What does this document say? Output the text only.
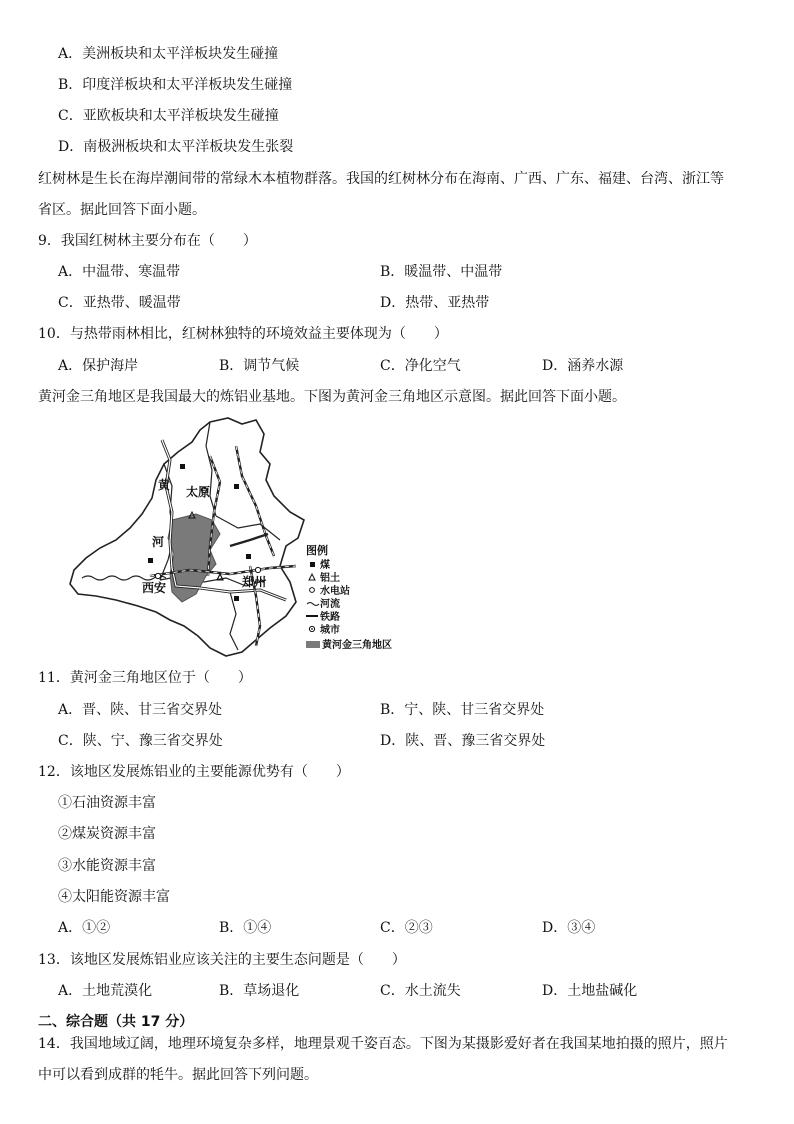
A．美洲板块和太平洋板块发生碰撞
B．印度洋板块和太平洋板块发生碰撞
C．亚欧板块和太平洋板块发生碰撞
D．南极洲板块和太平洋板块发生张裂
红树林是生长在海岸潮间带的常绿木本植物群落。我国的红树林分布在海南、广西、广东、福建、台湾、浙江等
省区。据此回答下面小题。
9．我国红树林主要分布在（　　）
A．中温带、寒温带	B．暖温带、中温带
C．亚热带、暖温带	D．热带、亚热带
10．与热带雨林相比，红树林独特的环境效益主要体现为（　　）
A．保护海岸	B．调节气候	C．净化空气	D．涵养水源
黄河金三角地区是我国最大的炼铝业基地。下图为黄河金三角地区示意图。据此回答下面小题。
黄
河
太原
西安	郑州
图例
煤
铝土
水电站
河流
铁路
城市
黄河金三角地区
11．黄河金三角地区位于（　　）
A．晋、陕、甘三省交界处	B．宁、陕、甘三省交界处
C．陕、宁、豫三省交界处	D．陕、晋、豫三省交界处
12．该地区发展炼铝业的主要能源优势有（　　）
①石油资源丰富
②煤炭资源丰富
③水能资源丰富
④太阳能资源丰富
A．①②	B．①④	C．②③	D．③④
13．该地区发展炼铝业应该关注的主要生态问题是（　　）
A．土地荒漠化	B．草场退化	C．水土流失	D．土地盐碱化
二、综合题（共 17 分）
14．我国地域辽阔，地理环境复杂多样，地理景观千姿百态。下图为某摄影爱好者在我国某地拍摄的照片，照片
中可以看到成群的牦牛。据此回答下列问题。
